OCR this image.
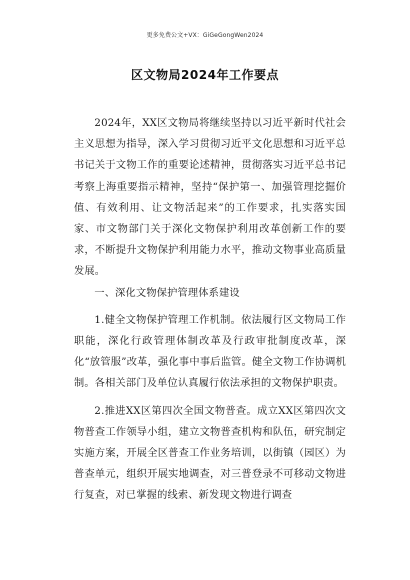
更多免费公文+VX：GiGeGongWen2024
区文物局2024年工作要点

2024年，XX区文物局将继续坚持以习近平新时代社会主义思想为指导，深入学习贯彻习近平文化思想和习近平总书记关于文物工作的重要论述精神，贯彻落实习近平总书记考察上海重要指示精神，坚持“保护第一、加强管理挖掘价值、有效利用、让文物活起来”的工作要求，扎实落实国家、市文物部门关于深化文物保护利用改革创新工作的要求，不断提升文物保护利用能力水平，推动文物事业高质量发展。

一、深化文物保护管理体系建设

1.健全文物保护管理工作机制。依法履行区文物局工作职能，深化行政管理体制改革及行政审批制度改革，深化“放管服”改革，强化事中事后监管。健全文物工作协调机制。各相关部门及单位认真履行依法承担的文物保护职责。

2.推进XX区第四次全国文物普查。成立XX区第四次文物普查工作领导小组，建立文物普查机构和队伍，研究制定实施方案，开展全区普查工作业务培训，以街镇（园区）为普查单元，组织开展实地调查，对三普登录不可移动文物进行复查，对已掌握的线索、新发现文物进行调查
